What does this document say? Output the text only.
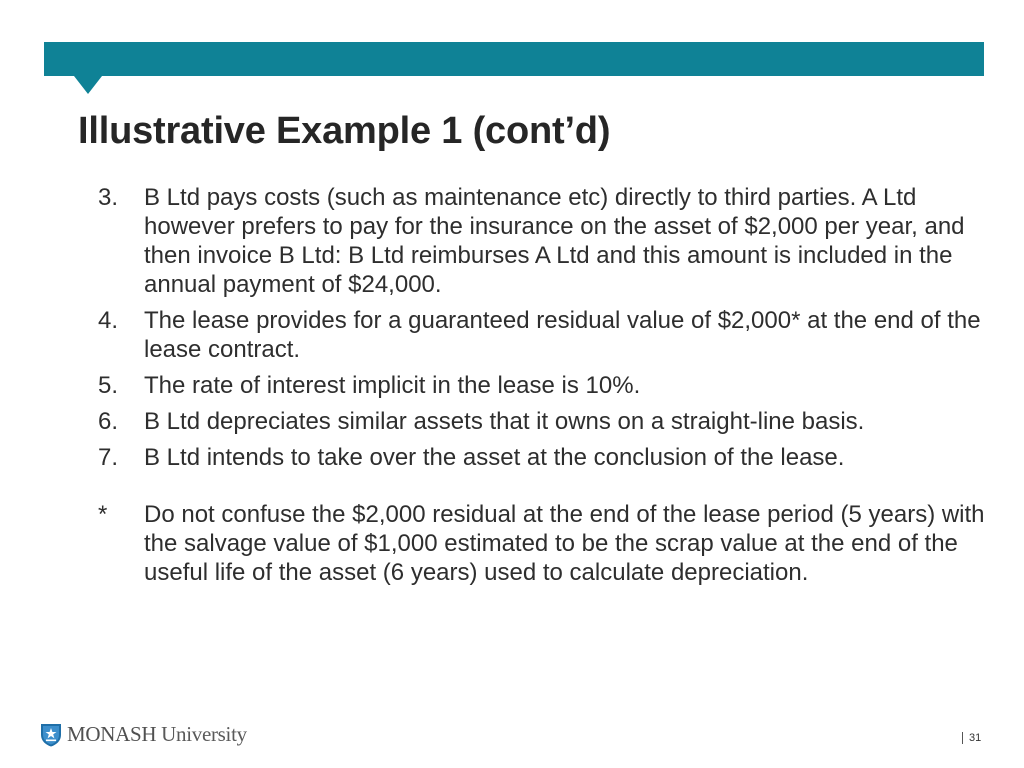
Illustrative Example 1 (cont’d)
3. B Ltd pays costs (such as maintenance etc) directly to third parties. A Ltd however prefers to pay for the insurance on the asset of $2,000 per year, and then invoice B Ltd: B Ltd reimburses A Ltd and this amount is included in the annual payment of $24,000.
4. The lease provides for a guaranteed residual value of $2,000* at the end of the lease contract.
5. The rate of interest implicit in the lease is 10%.
6. B Ltd depreciates similar assets that it owns on a straight-line basis.
7. B Ltd intends to take over the asset at the conclusion of the lease.
* Do not confuse the $2,000 residual at the end of the lease period (5 years) with the salvage value of $1,000 estimated to be the scrap value at the end of the useful life of the asset (6 years) used to calculate depreciation.
MONASH University	31
